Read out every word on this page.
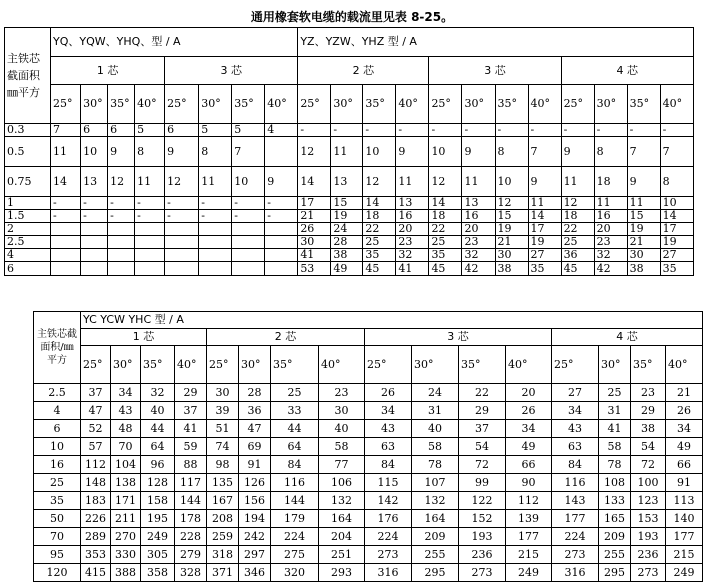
通用橡套软电缆的载流里见表 8-25。
主铁芯截面积㎜平方	YQ、YQW、YHQ、型 / A								YZ、YZW、YHZ 型 / A											
	1 芯				3 芯				2 芯				3 芯				4 芯			
	25°	30°	35°	40°	25°	30°	35°	40°	25°	30°	35°	40°	25°	30°	35°	40°	25°	30°	35°	40°
0.3	7	6	6	5	6	5	5	4	-	-	-	-	-	-	-	-	-	-	-	-
0.5	11	10	9	8	9	8	7		12	11	10	9	10	9	8	7	9	8	7	7
0.75	14	13	12	11	12	11	10	9	14	13	12	11	12	11	10	9	11	18	9	8
1	-	-	-	-	-	-	-	-	17	15	14	13	14	13	12	11	12	11	11	10
1.5	-	-	-	-	-	-	-	-	21	19	18	16	18	16	15	14	18	16	15	14
2									26	24	22	20	22	20	19	17	22	20	19	17
2.5									30	28	25	23	25	23	21	19	25	23	21	19
4									41	38	35	32	35	32	30	27	36	32	30	27
6									53	49	45	41	45	42	38	35	45	42	38	35
主铁芯截面积/㎜平方	YC YCW YHC 型 / A															
	1 芯				2 芯				3 芯				4 芯			
	25°	30°	35°	40°	25°	30°	35°	40°	25°	30°	35°	40°	25°	30°	35°	40°
2.5	37	34	32	29	30	28	25	23	26	24	22	20	27	25	23	21
4	47	43	40	37	39	36	33	30	34	31	29	26	34	31	29	26
6	52	48	44	41	51	47	44	40	43	40	37	34	43	41	38	34
10	57	70	64	59	74	69	64	58	63	58	54	49	63	58	54	49
16	112	104	96	88	98	91	84	77	84	78	72	66	84	78	72	66
25	148	138	128	117	135	126	116	106	115	107	99	90	116	108	100	91
35	183	171	158	144	167	156	144	132	142	132	122	112	143	133	123	113
50	226	211	195	178	208	194	179	164	176	164	152	139	177	165	153	140
70	289	270	249	228	259	242	224	204	224	209	193	177	224	209	193	177
95	353	330	305	279	318	297	275	251	273	255	236	215	273	255	236	215
120	415	388	358	328	371	346	320	293	316	295	273	249	316	295	273	249
